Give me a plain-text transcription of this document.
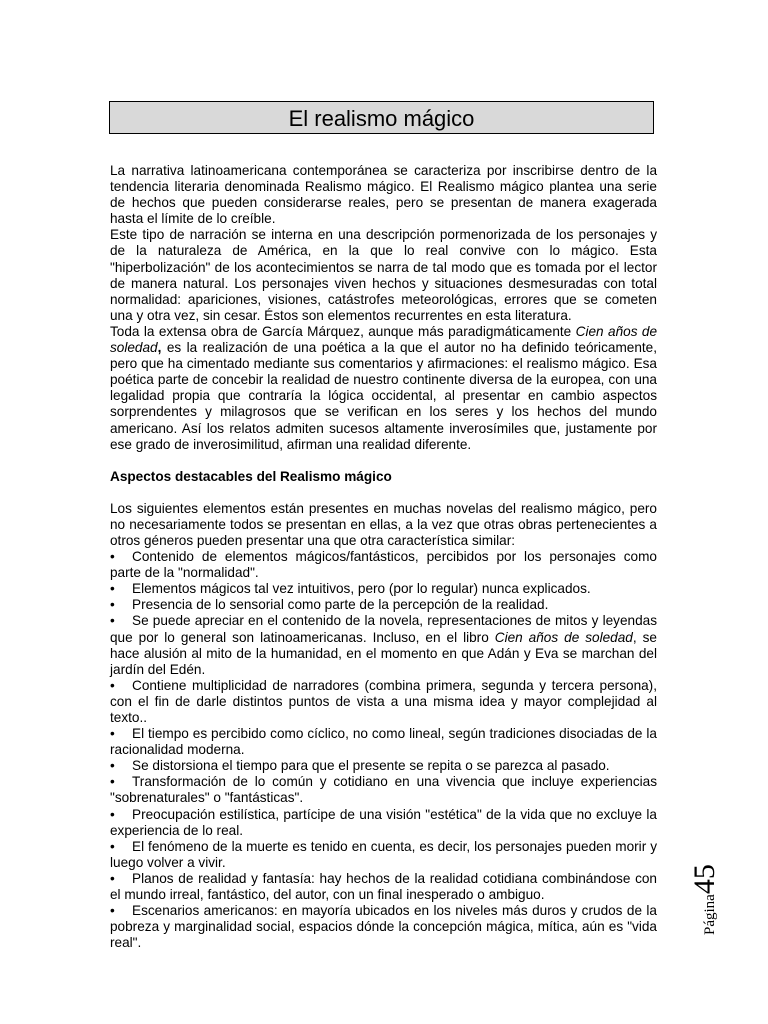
El realismo mágico

La narrativa latinoamericana contemporánea se caracteriza por inscribirse dentro de la tendencia literaria denominada Realismo mágico. El Realismo mágico plantea una serie de hechos que pueden considerarse reales, pero se presentan de manera exagerada hasta el límite de lo creíble.

Este tipo de narración se interna en una descripción pormenorizada de los personajes y de la naturaleza de América, en la que lo real convive con lo mágico. Esta "hiperbolización" de los acontecimientos se narra de tal modo que es tomada por el lector de manera natural. Los personajes viven hechos y situaciones desmesuradas con total normalidad: apariciones, visiones, catástrofes meteorológicas, errores que se cometen una y otra vez, sin cesar. Éstos son elementos recurrentes en esta literatura.

Toda la extensa obra de García Márquez, aunque más paradigmáticamente Cien años de soledad, es la realización de una poética a la que el autor no ha definido teóricamente, pero que ha cimentado mediante sus comentarios y afirmaciones: el realismo mágico. Esa poética parte de concebir la realidad de nuestro continente diversa de la europea, con una legalidad propia que contraría la lógica occidental, al presentar en cambio aspectos sorprendentes y milagrosos que se verifican en los seres y los hechos del mundo americano. Así los relatos admiten sucesos altamente inverosímiles que, justamente por ese grado de inverosimilitud, afirman una realidad diferente.

Aspectos destacables del Realismo mágico

Los siguientes elementos están presentes en muchas novelas del realismo mágico, pero no necesariamente todos se presentan en ellas, a la vez que otras obras pertenecientes a otros géneros pueden presentar una que otra característica similar:

• Contenido de elementos mágicos/fantásticos, percibidos por los personajes como parte de la "normalidad".

• Elementos mágicos tal vez intuitivos, pero (por lo regular) nunca explicados.

• Presencia de lo sensorial como parte de la percepción de la realidad.

• Se puede apreciar en el contenido de la novela, representaciones de mitos y leyendas que por lo general son latinoamericanas. Incluso, en el libro Cien años de soledad, se hace alusión al mito de la humanidad, en el momento en que Adán y Eva se marchan del jardín del Edén.

• Contiene multiplicidad de narradores (combina primera, segunda y tercera persona), con el fin de darle distintos puntos de vista a una misma idea y mayor complejidad al texto..

• El tiempo es percibido como cíclico, no como lineal, según tradiciones disociadas de la racionalidad moderna.

• Se distorsiona el tiempo para que el presente se repita o se parezca al pasado.

• Transformación de lo común y cotidiano en una vivencia que incluye experiencias "sobrenaturales" o "fantásticas".

• Preocupación estilística, partícipe de una visión "estética" de la vida que no excluye la experiencia de lo real.

• El fenómeno de la muerte es tenido en cuenta, es decir, los personajes pueden morir y luego volver a vivir.

• Planos de realidad y fantasía: hay hechos de la realidad cotidiana combinándose con el mundo irreal, fantástico, del autor, con un final inesperado o ambiguo.

• Escenarios americanos: en mayoría ubicados en los niveles más duros y crudos de la pobreza y marginalidad social, espacios dónde la concepción mágica, mítica, aún es "vida real".

Página45
